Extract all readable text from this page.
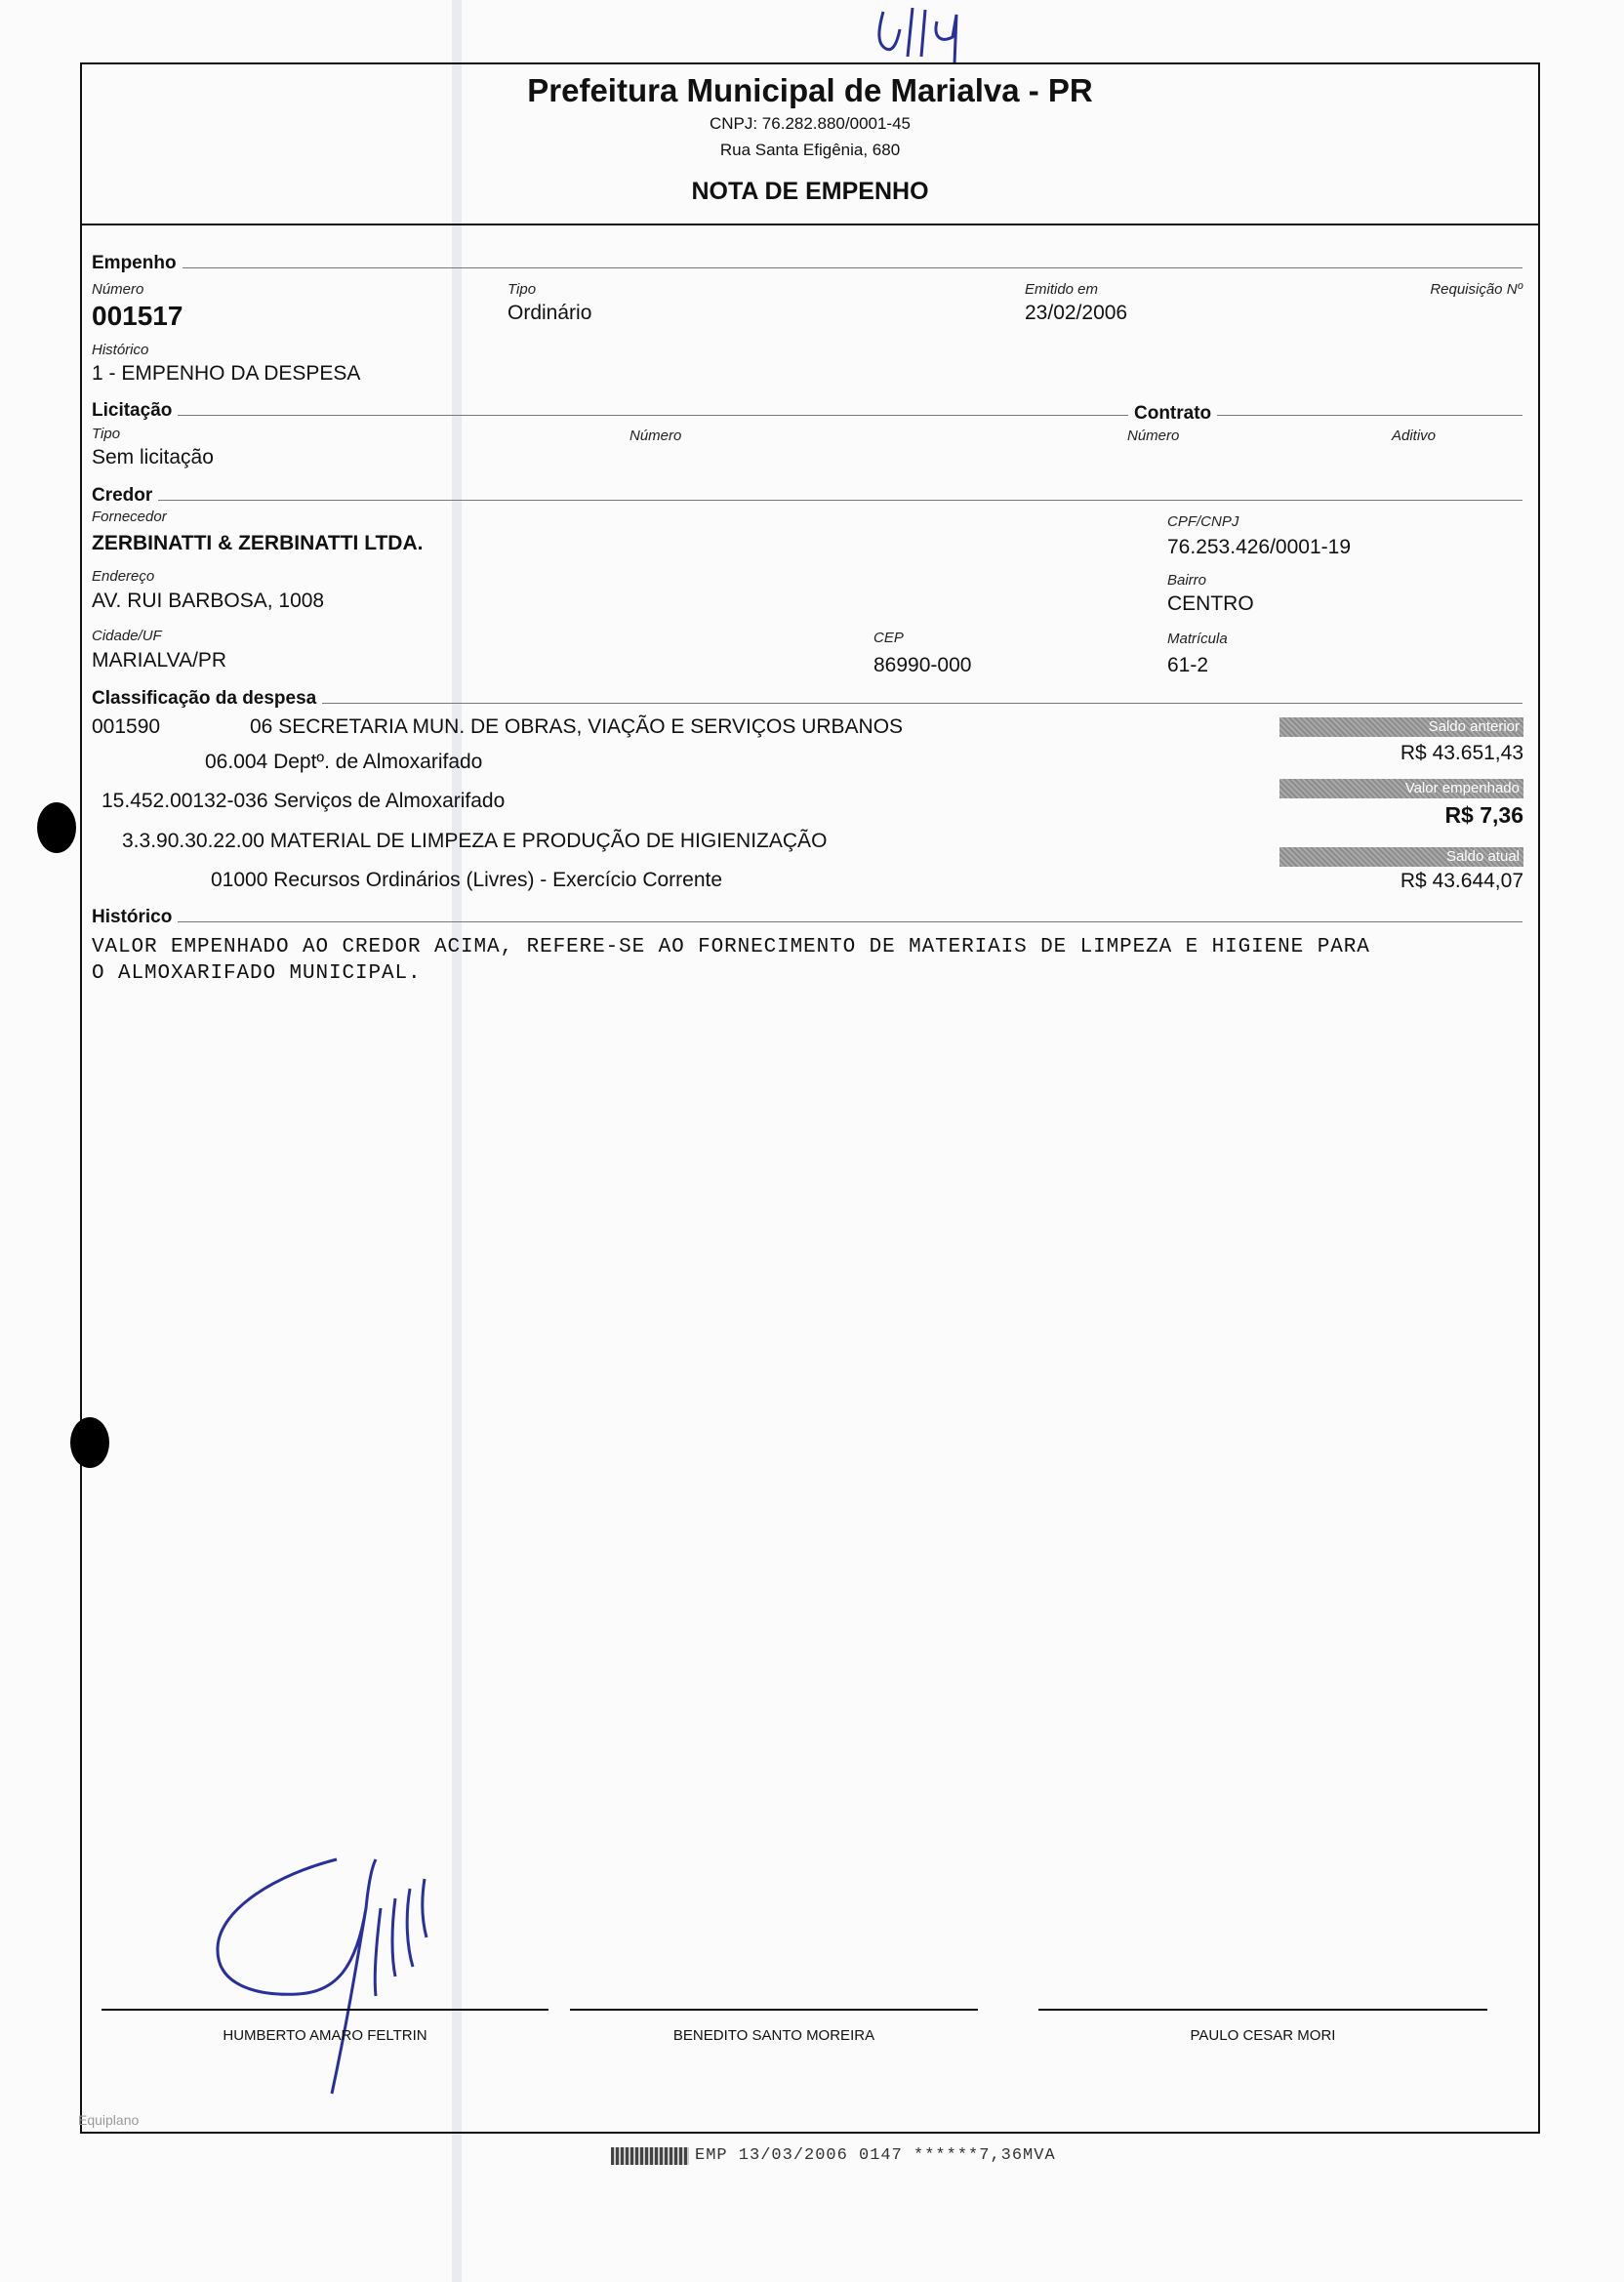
Prefeitura Municipal de Marialva - PR
CNPJ: 76.282.880/0001-45
Rua Santa Efigênia, 680
NOTA DE EMPENHO
Empenho
Número
001517
Tipo
Ordinário
Emitido em
23/02/2006
Requisição Nº
Histórico
1 - EMPENHO DA DESPESA
Licitação	Contrato
Tipo
Sem licitação
Número	Número	Aditivo
Credor
Fornecedor
ZERBINATTI & ZERBINATTI LTDA.
CPF/CNPJ
76.253.426/0001-19
Endereço
AV. RUI BARBOSA, 1008
Bairro
CENTRO
Cidade/UF
MARIALVA/PR
CEP
86990-000
Matrícula
61-2
Classificação da despesa
001590	06 SECRETARIA MUN. DE OBRAS, VIAÇÃO E SERVIÇOS URBANOS
06.004 Deptº. de Almoxarifado
15.452.00132-036 Serviços de Almoxarifado
3.3.90.30.22.00 MATERIAL DE LIMPEZA E PRODUÇÃO DE HIGIENIZAÇÃO
01000 Recursos Ordinários (Livres) - Exercício Corrente
Saldo anterior
R$ 43.651,43
Valor empenhado
R$ 7,36
Saldo atual
R$ 43.644,07
Histórico
VALOR EMPENHADO AO CREDOR ACIMA, REFERE-SE AO FORNECIMENTO DE MATERIAIS DE LIMPEZA E HIGIENE PARA
O ALMOXARIFADO MUNICIPAL.
HUMBERTO AMARO FELTRIN	BENEDITO SANTO MOREIRA	PAULO CESAR MORI
Equiplano
EMP 13/03/2006 0147 ******7,36MVA
